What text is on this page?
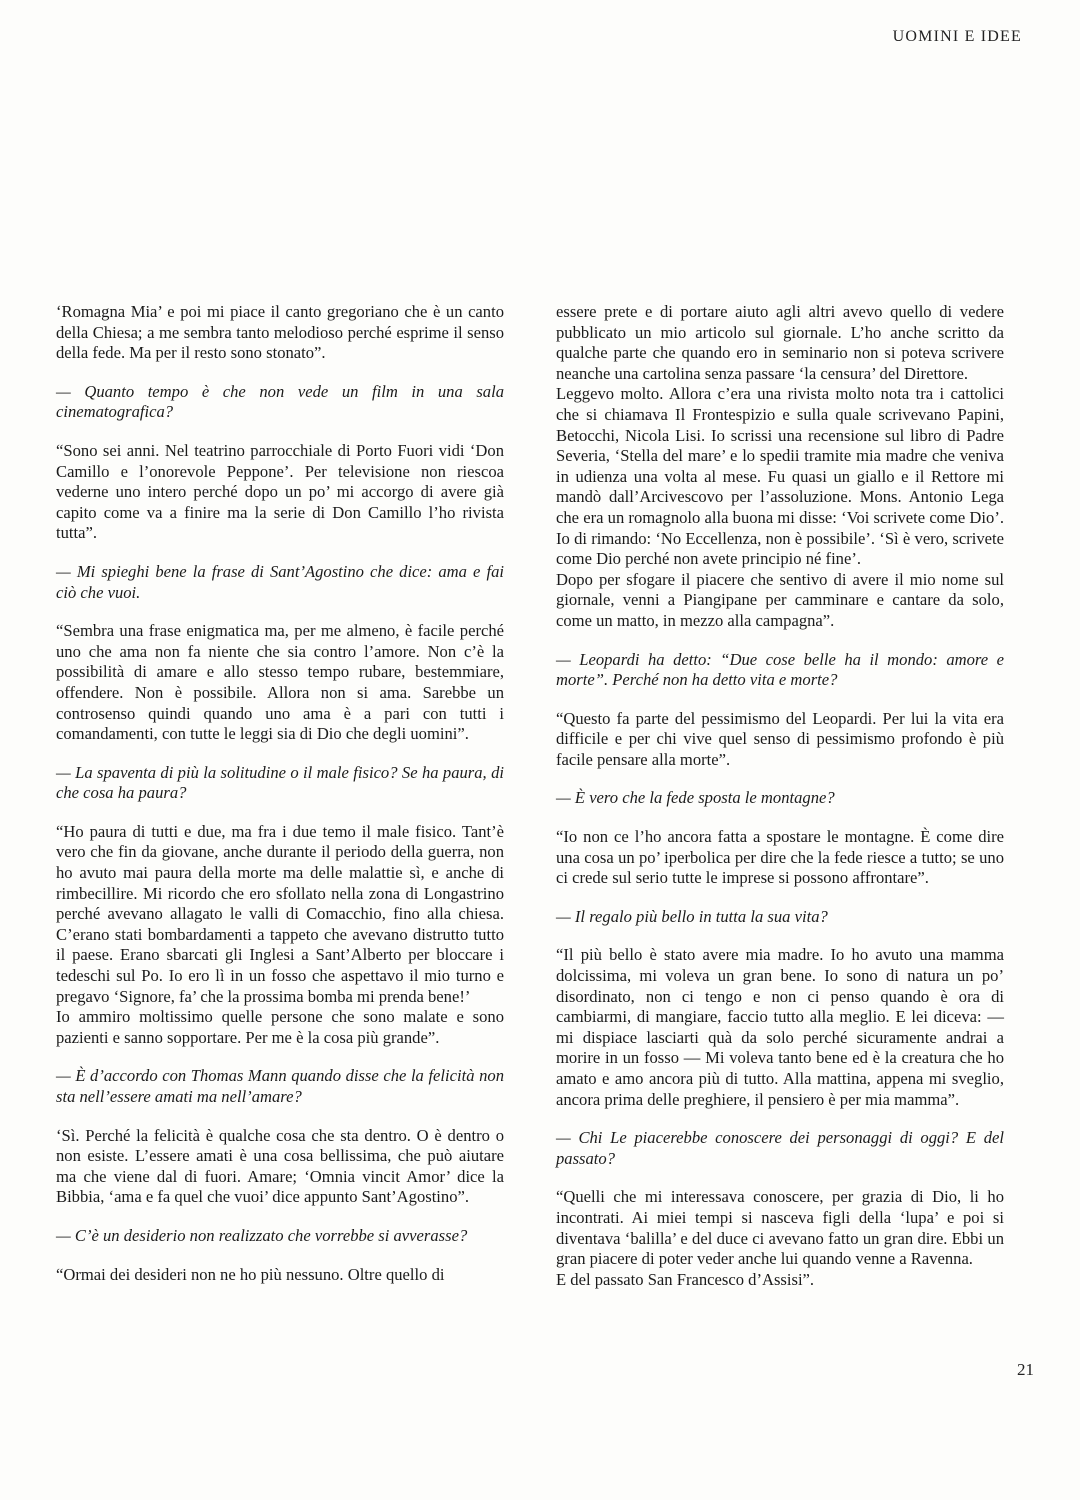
UOMINI E IDEE

‘Romagna Mia’ e poi mi piace il canto gregoriano che è un canto della Chiesa; a me sembra tanto melodioso perché esprime il senso della fede. Ma per il resto sono stonato”.

— Quanto tempo è che non vede un film in una sala cinematografica?

“Sono sei anni. Nel teatrino parrocchiale di Porto Fuori vidi ‘Don Camillo e l’onorevole Peppone’. Per televisione non riescoa vederne uno intero perché dopo un po’ mi accorgo di avere già capito come va a finire ma la serie di Don Camillo l’ho rivista tutta”.

— Mi spieghi bene la frase di Sant’Agostino che dice: ama e fai ciò che vuoi.

“Sembra una frase enigmatica ma, per me almeno, è facile perché uno che ama non fa niente che sia contro l’amore. Non c’è la possibilità di amare e allo stesso tempo rubare, bestemmiare, offendere. Non è possibile. Allora non si ama. Sarebbe un controsenso quindi quando uno ama è a pari con tutti i comandamenti, con tutte le leggi sia di Dio che degli uomini”.

— La spaventa di più la solitudine o il male fisico? Se ha paura, di che cosa ha paura?

“Ho paura di tutti e due, ma fra i due temo il male fisico. Tant’è vero che fin da giovane, anche durante il periodo della guerra, non ho avuto mai paura della morte ma delle malattie sì, e anche di rimbecillire. Mi ricordo che ero sfollato nella zona di Longastrino perché avevano allagato le valli di Comacchio, fino alla chiesa. C’erano stati bombardamenti a tappeto che avevano distrutto tutto il paese. Erano sbarcati gli Inglesi a Sant’Alberto per bloccare i tedeschi sul Po. Io ero lì in un fosso che aspettavo il mio turno e pregavo ‘Signore, fa’ che la prossima bomba mi prenda bene!’

Io ammiro moltissimo quelle persone che sono malate e sono pazienti e sanno sopportare. Per me è la cosa più grande”.

— È d’accordo con Thomas Mann quando disse che la felicità non sta nell’essere amati ma nell’amare?

‘Sì. Perché la felicità è qualche cosa che sta dentro. O è dentro o non esiste. L’essere amati è una cosa bellissima, che può aiutare ma che viene dal di fuori. Amare; ‘Omnia vincit Amor’ dice la Bibbia, ‘ama e fa quel che vuoi’ dice appunto Sant’Agostino”.

— C’è un desiderio non realizzato che vorrebbe si avverasse?

“Ormai dei desideri non ne ho più nessuno. Oltre quello di

essere prete e di portare aiuto agli altri avevo quello di vedere pubblicato un mio articolo sul giornale. L’ho anche scritto da qualche parte che quando ero in seminario non si poteva scrivere neanche una cartolina senza passare ‘la censura’ del Direttore.

Leggevo molto. Allora c’era una rivista molto nota tra i cattolici che si chiamava Il Frontespizio e sulla quale scrivevano Papini, Betocchi, Nicola Lisi. Io scrissi una recensione sul libro di Padre Severia, ‘Stella del mare’ e lo spedii tramite mia madre che veniva in udienza una volta al mese. Fu quasi un giallo e il Rettore mi mandò dall’Arcivescovo per l’assoluzione. Mons. Antonio Lega che era un romagnolo alla buona mi disse: ‘Voi scrivete come Dio’. Io di rimando: ‘No Eccellenza, non è possibile’. ‘Sì è vero, scrivete come Dio perché non avete principio né fine’.

Dopo per sfogare il piacere che sentivo di avere il mio nome sul giornale, venni a Piangipane per camminare e cantare da solo, come un matto, in mezzo alla campagna”.

— Leopardi ha detto: “Due cose belle ha il mondo: amore e morte”. Perché non ha detto vita e morte?

“Questo fa parte del pessimismo del Leopardi. Per lui la vita era difficile e per chi vive quel senso di pessimismo profondo è più facile pensare alla morte”.

— È vero che la fede sposta le montagne?

“Io non ce l’ho ancora fatta a spostare le montagne. È come dire una cosa un po’ iperbolica per dire che la fede riesce a tutto; se uno ci crede sul serio tutte le imprese si possono affrontare”.

— Il regalo più bello in tutta la sua vita?

“Il più bello è stato avere mia madre. Io ho avuto una mamma dolcissima, mi voleva un gran bene. Io sono di natura un po’ disordinato, non ci tengo e non ci penso quando è ora di cambiarmi, di mangiare, faccio tutto alla meglio. E lei diceva: — mi dispiace lasciarti quà da solo perché sicuramente andrai a morire in un fosso — Mi voleva tanto bene ed è la creatura che ho amato e amo ancora più di tutto. Alla mattina, appena mi sveglio, ancora prima delle preghiere, il pensiero è per mia mamma”.

— Chi Le piacerebbe conoscere dei personaggi di oggi? E del passato?

“Quelli che mi interessava conoscere, per grazia di Dio, li ho incontrati. Ai miei tempi si nasceva figli della ‘lupa’ e poi si diventava ‘balilla’ e del duce ci avevano fatto un gran dire. Ebbi un gran piacere di poter veder anche lui quando venne a Ravenna.

E del passato San Francesco d’Assisi”.

21
